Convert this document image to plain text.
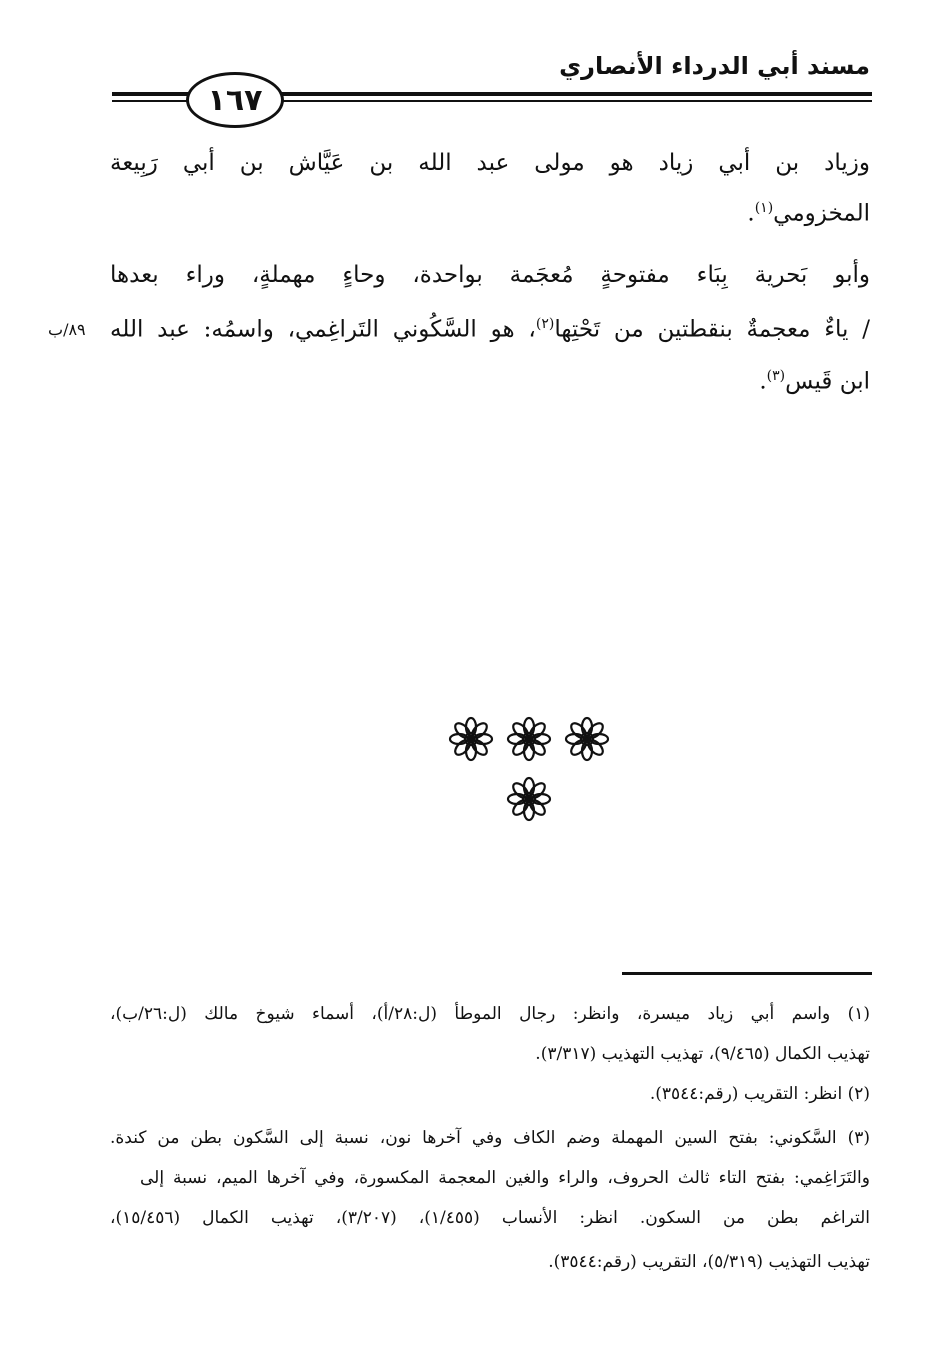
مسند أبي الدرداء الأنصاري
١٦٧
وزياد بن أبي زياد هو مولى عبد الله بن عَيَّاش بن أبي رَبِيعة
المخزومي$^{(١)}$.
وأبو بَحرية بِبَاء مفتوحةٍ مُعجَمة بواحدة، وحاءٍ مهملةٍ، وراء بعدها
/ ياءٌ معجمةٌ بنقطتين من تَحْتِها$^{(٢)}$، هو السَّكُوني التَراغِمي، واسمُه: عبد الله
٨٩/ب
ابن قَيس$^{(٣)}$.
(١) واسم أبي زياد ميسرة، وانظر: رجال الموطأ (ل:٢٨/أ)، أسماء شيوخ مالك (ل:٢٦/ب)،
تهذيب الكمال (٩/٤٦٥)، تهذيب التهذيب (٣/٣١٧).
(٢) انظر: التقريب (رقم:٣٥٤٤).
(٣) السَّكوني: بفتح السين المهملة وضم الكاف وفي آخرها نون، نسبة إلى السَّكون بطن من كندة.
والتَرَاغِمي: بفتح التاء ثالث الحروف، والراء والغين المعجمة المكسورة، وفي آخرها الميم، نسبة إلى
التراغم بطن من السكون. انظر: الأنساب (١/٤٥٥)، (٣/٢٠٧)، تهذيب الكمال (١٥/٤٥٦)،
تهذيب التهذيب (٥/٣١٩)، التقريب (رقم:٣٥٤٤).
